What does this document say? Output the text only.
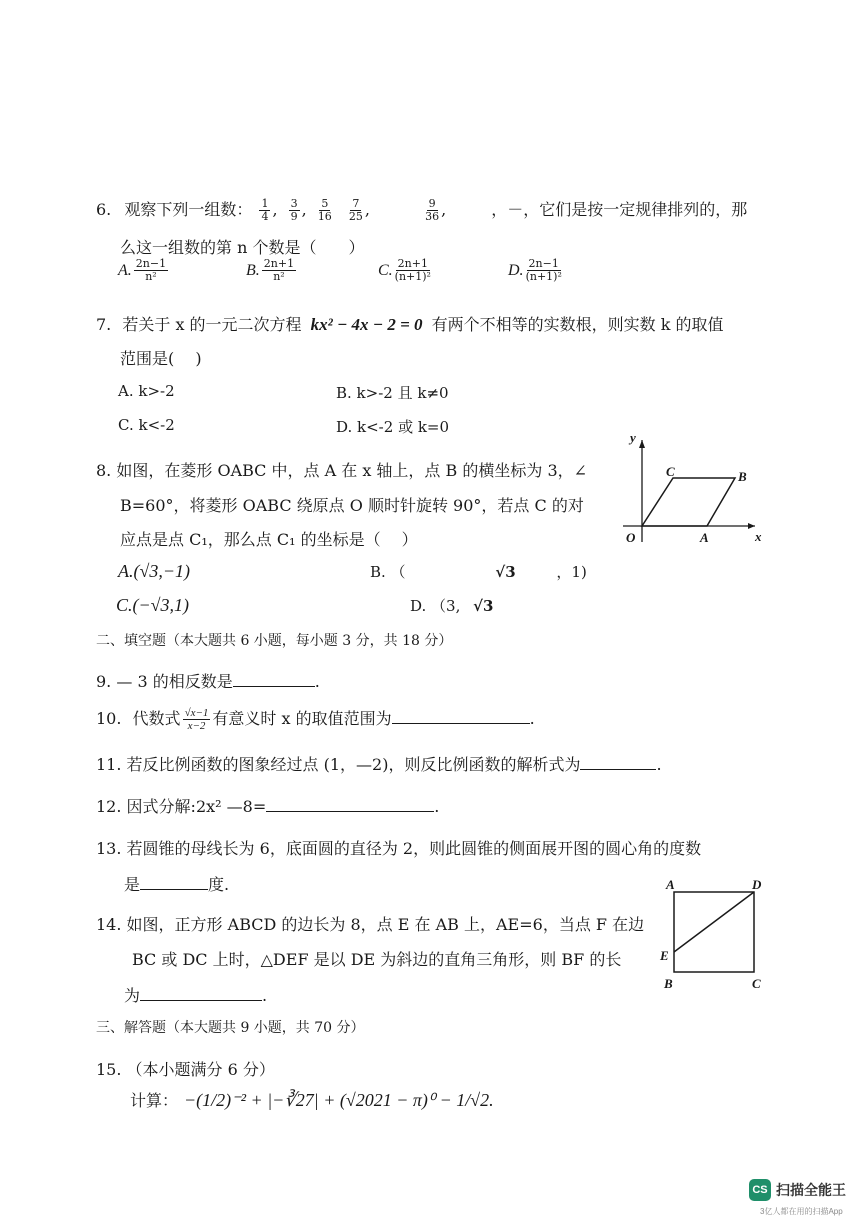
6. 观察下列一组数： $\frac{1}{4}$ , $\frac{3}{9}$ , $\frac{5}{16}$
$\frac{7}{25}$ ,	$\frac{9}{36}$ ,	，－，它们是按一定规律排列的，那
么这一组数的第 n 个数是（　　）
A. $\frac{2n-1}{\text{n²}}$	B. $\frac{2n+1}{\text{n²}}$	C. $\frac{2n+1}{\text{(n+1)²}}$	D. $\frac{2n-1}{\text{(n+1)²}}$
7. 若关于 x 的一元二次方程 kx² − 4x − 2 = 0 有两个不相等的实数根，则实数 k 的取值
范围是(　 )
A. k>-2	B. k>-2 且 k≠0
C. k<-2	D. k<-2 或 k=0
8. 如图，在菱形 OABC 中，点 A 在 x 轴上，点 B 的横坐标为 3，∠
B=60°，将菱形 OABC 绕原点 O 顺时针旋转 90°，若点 C 的对
应点是点 C₁，那么点 C₁ 的坐标是（　 ）
A.(√3,−1)	B. （	√3	，1)
C.(−√3,1)	D. （3, √3
y
C	B
O	A	x
二、填空题（本大题共 6 小题，每小题 3 分，共 18 分）
9. — 3 的相反数是	.
10. 代数式 $\frac{√x-1}{x-2}$ 有意义时 x 的取值范围为	.
11. 若反比例函数的图象经过点 (1，—2)，则反比例函数的解析式为	.
12. 因式分解:2x² —8=	.
13. 若圆锥的母线长为 6，底面圆的直径为 2，则此圆锥的侧面展开图的圆心角的度数
是	度.
14. 如图，正方形 ABCD 的边长为 8，点 E 在 AB 上，AE=6，当点 F 在边
BC 或 DC 上时，△DEF 是以 DE 为斜边的直角三角形，则 BF 的长
为	.
A	D
E
B	C
三、解答题（本大题共 9 小题，共 70 分）
15. （本小题满分 6 分）
计算： −(1/2)⁻² + |−∛27| + (√2021 − π)⁰ − 1/√2.
CS 扫描全能王
3亿人都在用的扫描App
